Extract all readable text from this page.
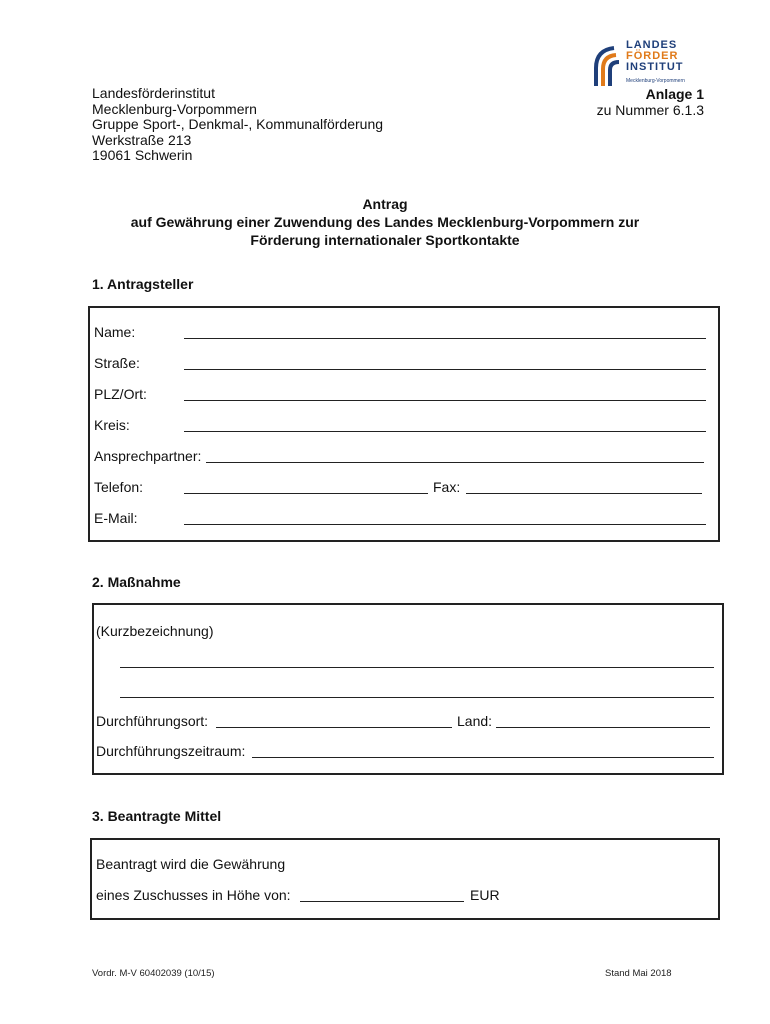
LANDES
FÖRDER
INSTITUT
Mecklenburg-Vorpommern
Landesförderinstitut
Mecklenburg-Vorpommern
Gruppe Sport-, Denkmal-, Kommunalförderung
Werkstraße 213
19061 Schwerin
Anlage 1
zu Nummer 6.1.3
Antrag
auf Gewährung einer Zuwendung des Landes Mecklenburg-Vorpommern zur
Förderung internationaler Sportkontakte
1. Antragsteller
Name:
Straße:
PLZ/Ort:
Kreis:
Ansprechpartner:
Telefon:	Fax:
E-Mail:
2. Maßnahme
(Kurzbezeichnung)
Durchführungsort:	Land:
Durchführungszeitraum:
3. Beantragte Mittel
Beantragt wird die Gewährung
eines Zuschusses in Höhe von:	EUR
Vordr. M-V 60402039 (10/15)	Stand Mai 2018
